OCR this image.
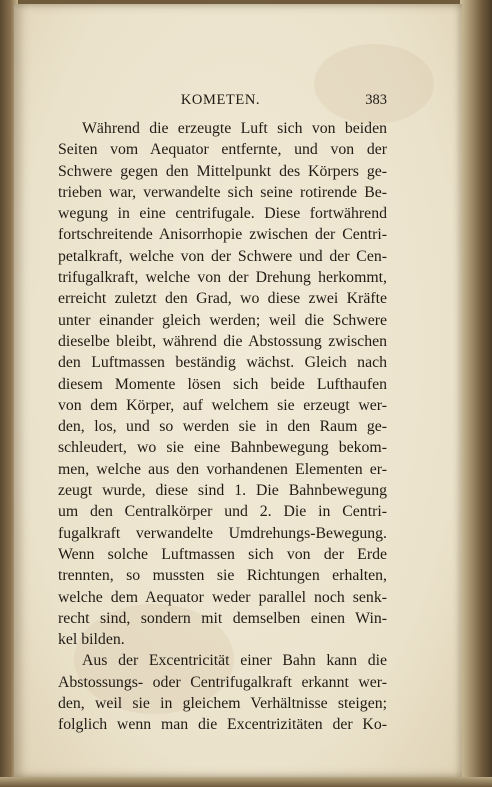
KOMETEN.	383
Während die erzeugte Luft sich von beiden
Seiten vom Aequator entfernte, und von der
Schwere gegen den Mittelpunkt des Körpers ge-
trieben war, verwandelte sich seine rotirende Be-
wegung in eine centrifugale. Diese fortwährend
fortschreitende Anisorrhopie zwischen der Centri-
petalkraft, welche von der Schwere und der Cen-
trifugalkraft, welche von der Drehung herkommt,
erreicht zuletzt den Grad, wo diese zwei Kräfte
unter einander gleich werden; weil die Schwere
dieselbe bleibt, während die Abstossung zwischen
den Luftmassen beständig wächst. Gleich nach
diesem Momente lösen sich beide Lufthaufen
von dem Körper, auf welchem sie erzeugt wer-
den, los, und so werden sie in den Raum ge-
schleudert, wo sie eine Bahnbewegung bekom-
men, welche aus den vorhandenen Elementen er-
zeugt wurde, diese sind 1. Die Bahnbewegung
um den Centralkörper und 2. Die in Centri-
fugalkraft verwandelte Umdrehungs-Bewegung.
Wenn solche Luftmassen sich von der Erde
trennten, so mussten sie Richtungen erhalten,
welche dem Aequator weder parallel noch senk-
recht sind, sondern mit demselben einen Win-
kel bilden.
Aus der Excentricität einer Bahn kann die
Abstossungs- oder Centrifugalkraft erkannt wer-
den, weil sie in gleichem Verhältnisse steigen;
folglich wenn man die Excentrizitäten der Ko-
